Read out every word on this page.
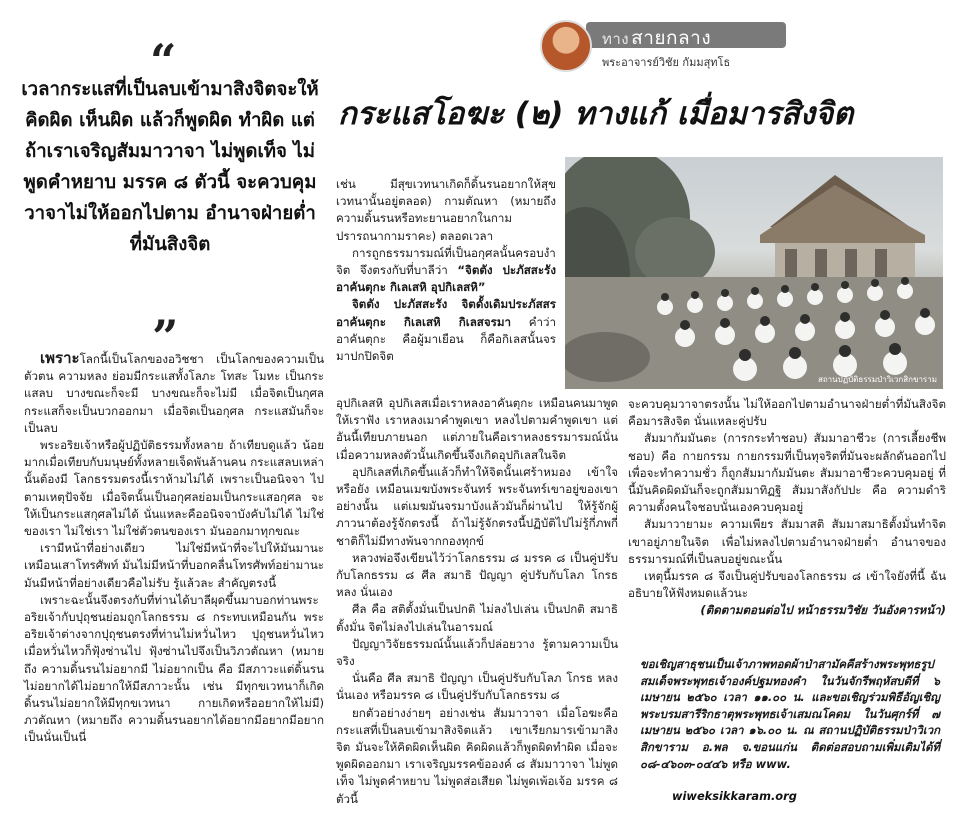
ทาง สายกลาง
พระอาจารย์วิชัย กัมมสุทโธ
“
เวลากระแสที่เป็นลบเข้ามาสิงจิตจะให้คิดผิด เห็นผิด แล้วก็พูดผิด ทำผิด แต่ถ้าเราเจริญสัมมาวาจา ไม่พูดเท็จ ไม่พูดคำหยาบ มรรค ๘ ตัวนี้ จะควบคุมวาจาไม่ให้ออกไปตาม อำนาจฝ่ายต่ำที่มันสิงจิต
”
กระแสโอฆะ (๒) ทางแก้ เมื่อมารสิงจิต
สถานปฏิบัติธรรมป่าวิเวกสิกขาราม

เพราะโลกนี้เป็นโลกของอวิชชา เป็นโลกของความเป็นตัวตน ความหลง ย่อมมีกระแสทั้งโลภะ โทสะ โมหะ เป็นกระแสลบ บางขณะก็จะมี บางขณะก็จะไม่มี เมื่อจิตเป็นกุศล กระแสก็จะเป็นบวกออกมา เมื่อจิตเป็นอกุศล กระแสมันก็จะเป็นลบ

พระอริยเจ้าหรือผู้ปฏิบัติธรรมทั้งหลาย ถ้าเทียบดูแล้ว น้อยมากเมื่อเทียบกับมนุษย์ทั้งหลายเจ็ดพันล้านคน กระแสลบเหล่านั้นต้องมี โลกธรรมตรงนี้เราห้ามไม่ได้ เพราะเป็นอนิจจา ไปตามเหตุปัจจัย เมื่อจิตนั้นเป็นอกุศลย่อมเป็นกระแสอกุศล จะให้เป็นกระแสกุศลไม่ได้ นั่นแหละคืออนิจจาบังคับไม่ได้ ไม่ใช่ของเรา ไม่ใช่เรา ไม่ใช่ตัวตนของเรา มันออกมาทุกขณะ

เรามีหน้าที่อย่างเดียว ไม่ใช่มีหน้าที่จะไปให้มันมานะ เหมือนเสาโทรศัพท์ มันไม่มีหน้าที่บอกคลื่นโทรศัพท์อย่ามานะ มันมีหน้าที่อย่างเดียวคือไม่รับ รู้แล้วละ สำคัญตรงนี้

เพราะฉะนั้นจึงตรงกับที่ท่านได้บาลีผุดขึ้นมาบอกท่านพระอริยเจ้ากับปุถุชนย่อมถูกโลกธรรม ๘ กระทบเหมือนกัน พระอริยเจ้าต่างจากปุถุชนตรงที่ท่านไม่หวั่นไหว ปุถุชนหวั่นไหว เมื่อหวั่นไหวก็ฟุ้งซ่านไป ฟุ้งซ่านไปจึงเป็นวิภวตัณหา (หมายถึง ความดิ้นรนไม่อยากมี ไม่อยากเป็น คือ มีสภาวะแต่ดิ้นรนไม่อยากได้ไม่อยากให้มีสภาวะนั้น เช่น มีทุกขเวทนาก็เกิดดิ้นรนไม่อยากให้มีทุกขเวทนา กายเกิดหรืออยากให้ไม่มี) ภวตัณหา (หมายถึง ความดิ้นรนอยากได้อยากมีอยากมีอยากเป็นนั่นเป็นนี่

เช่น มีสุขเวทนาเกิดก็ดิ้นรนอยากให้สุขเวทนานั้นอยู่ตลอด) กามตัณหา (หมายถึง ความดิ้นรนหรือทะยานอยากในกาม ปรารถนากามราคะ) ตลอดเวลา

การถูกธรรมารมณ์ที่เป็นอกุศลนั้นครอบงำจิต จึงตรงกับที่บาลีว่า “จิตตัง ปะภัสสะรัง อาคันตุกะ กิเลเสหิ อุปกิเลสหิ”

จิตตัง ปะภัสสะรัง จิตดั้งเดิมประภัสสร อาคันตุกะ กิเลเสหิ กิเลสจรมา คำว่า อาคันตุกะ คือผู้มาเยือน ก็คือกิเลสนั้นจรมาปกปิดจิต

อุปกิเลสหิ อุปกิเลสเมื่อเราหลงอาคันตุกะ เหมือนคนมาพูดให้เราฟัง เราหลงเมาคำพูดเขา หลงไปตามคำพูดเขา แต่อันนี้เทียบภายนอก แต่ภายในคือเราหลงธรรมารมณ์นั่น เมื่อความหลงตัวนั้นเกิดขึ้นจึงเกิดอุปกิเลสในจิต

อุปกิเลสที่เกิดขึ้นแล้วก็ทำให้จิตนั้นเศร้าหมอง เข้าใจหรือยัง เหมือนเมฆบังพระจันทร์ พระจันทร์เขาอยู่ของเขาอย่างนั้น แต่เมฆมันจรมาบังแล้วมันก็ผ่านไป ให้รู้จักผู้ภาวนาต้องรู้จักตรงนี้ ถ้าไม่รู้จักตรงนี้ปฏิบัติไปไม่รู้กี่ภพกี่ชาติก็ไม่มีทางพ้นจากกองทุกข์

หลวงพ่อจึงเขียนไว้ว่าโลกธรรม ๘ มรรค ๘ เป็นคู่ปรับกับโลกธรรม ๘ ศีล สมาธิ ปัญญา คู่ปรับกับโลภ โกรธ หลง นั่นเอง

ศีล คือ สติตั้งมั่นเป็นปกติ ไม่ลงไปเล่น เป็นปกติ สมาธิตั้งมั่น จิตไม่ลงไปเล่นในอารมณ์

ปัญญาวิจัยธรรมณ์นั้นแล้วก็ปล่อยวาง รู้ตามความเป็นจริง

นั่นคือ ศีล สมาธิ ปัญญา เป็นคู่ปรับกับโลภ โกรธ หลง นั่นเอง หรือมรรค ๘ เป็นคู่ปรับกับโลกธรรม ๘

ยกตัวอย่างง่ายๆ อย่างเช่น สัมมาวาจา เมื่อโอฆะคือกระแสที่เป็นลบเข้ามาสิงจิตแล้ว เขาเรียกมารเข้ามาสิงจิต มันจะให้คิดผิดเห็นผิด คิดผิดแล้วก็พูดผิดทำผิด เมื่อจะพูดผิดออกมา เราเจริญมรรคข้อองค์ ๘ สัมมาวาจา ไม่พูดเท็จ ไม่พูดคำหยาบ ไม่พูดส่อเสียด ไม่พูดเพ้อเจ้อ มรรค ๘ ตัวนี้

จะควบคุมวาจาตรงนั้น ไม่ให้ออกไปตามอำนาจฝ่ายต่ำที่มันสิงจิต คือมารสิงจิต นั่นแหละคู่ปรับ

สัมมากัมมันตะ (การกระทำชอบ) สัมมาอาชีวะ (การเลี้ยงชีพชอบ) คือ กายกรรม กายกรรมที่เป็นทุจริตที่มันจะผลักดันออกไปเพื่อจะทำความชั่ว ก็ถูกสัมมากัมมันตะ สัมมาอาชีวะควบคุมอยู่ ที่นี้มันคิดผิดมันก็จะถูกสัมมาทิฏฐิ สัมมาสังกัปปะ คือ ความดำริ ความตั้งคนใจชอบนั่นเองควบคุมอยู่

สัมมาวายามะ ความเพียร สัมมาสติ สัมมาสมาธิตั้งมั่นทำจิตเขาอยู่ภายในจิต เพื่อไม่หลงไปตามอำนาจฝ่ายต่ำ อำนาจของธรรมารมณ์ที่เป็นลบอยู่ขณะนั้น

เหตุนี้มรรค ๘ จึงเป็นคู่ปรับของโลกธรรม ๘ เข้าใจยังที่นี้ ฉันอธิบายให้ฟังหมดแล้วนะ

(ติดตามตอนต่อไป หน้าธรรมวิชัย วันอังคารหน้า)

ขอเชิญสาธุชนเป็นเจ้าภาพทอดผ้าป่าสามัคคีสร้างพระพุทธรูปสมเด็จพระพุทธเจ้าองค์ปฐมทองคำ ในวันจักรีพฤหัสบดีที่ ๖ เมษายน ๒๕๖๐ เวลา ๑๑.๐๐ น. และขอเชิญร่วมพิธีอัญเชิญพระบรมสารีริกธาตุพระพุทธเจ้าเสมณโคดม ในวันศุกร์ที่ ๗ เมษายน ๒๕๖๐ เวลา ๑๖.๐๐ น. ณ สถานปฏิบัติธรรมป่าวิเวกสิกขาราม อ.พล จ.ขอนแก่น ติดต่อสอบถามเพิ่มเติมได้ที่ ๐๘-๔๖๐๓-๐๔๔๖ หรือ www.
wiweksikkaram.org
